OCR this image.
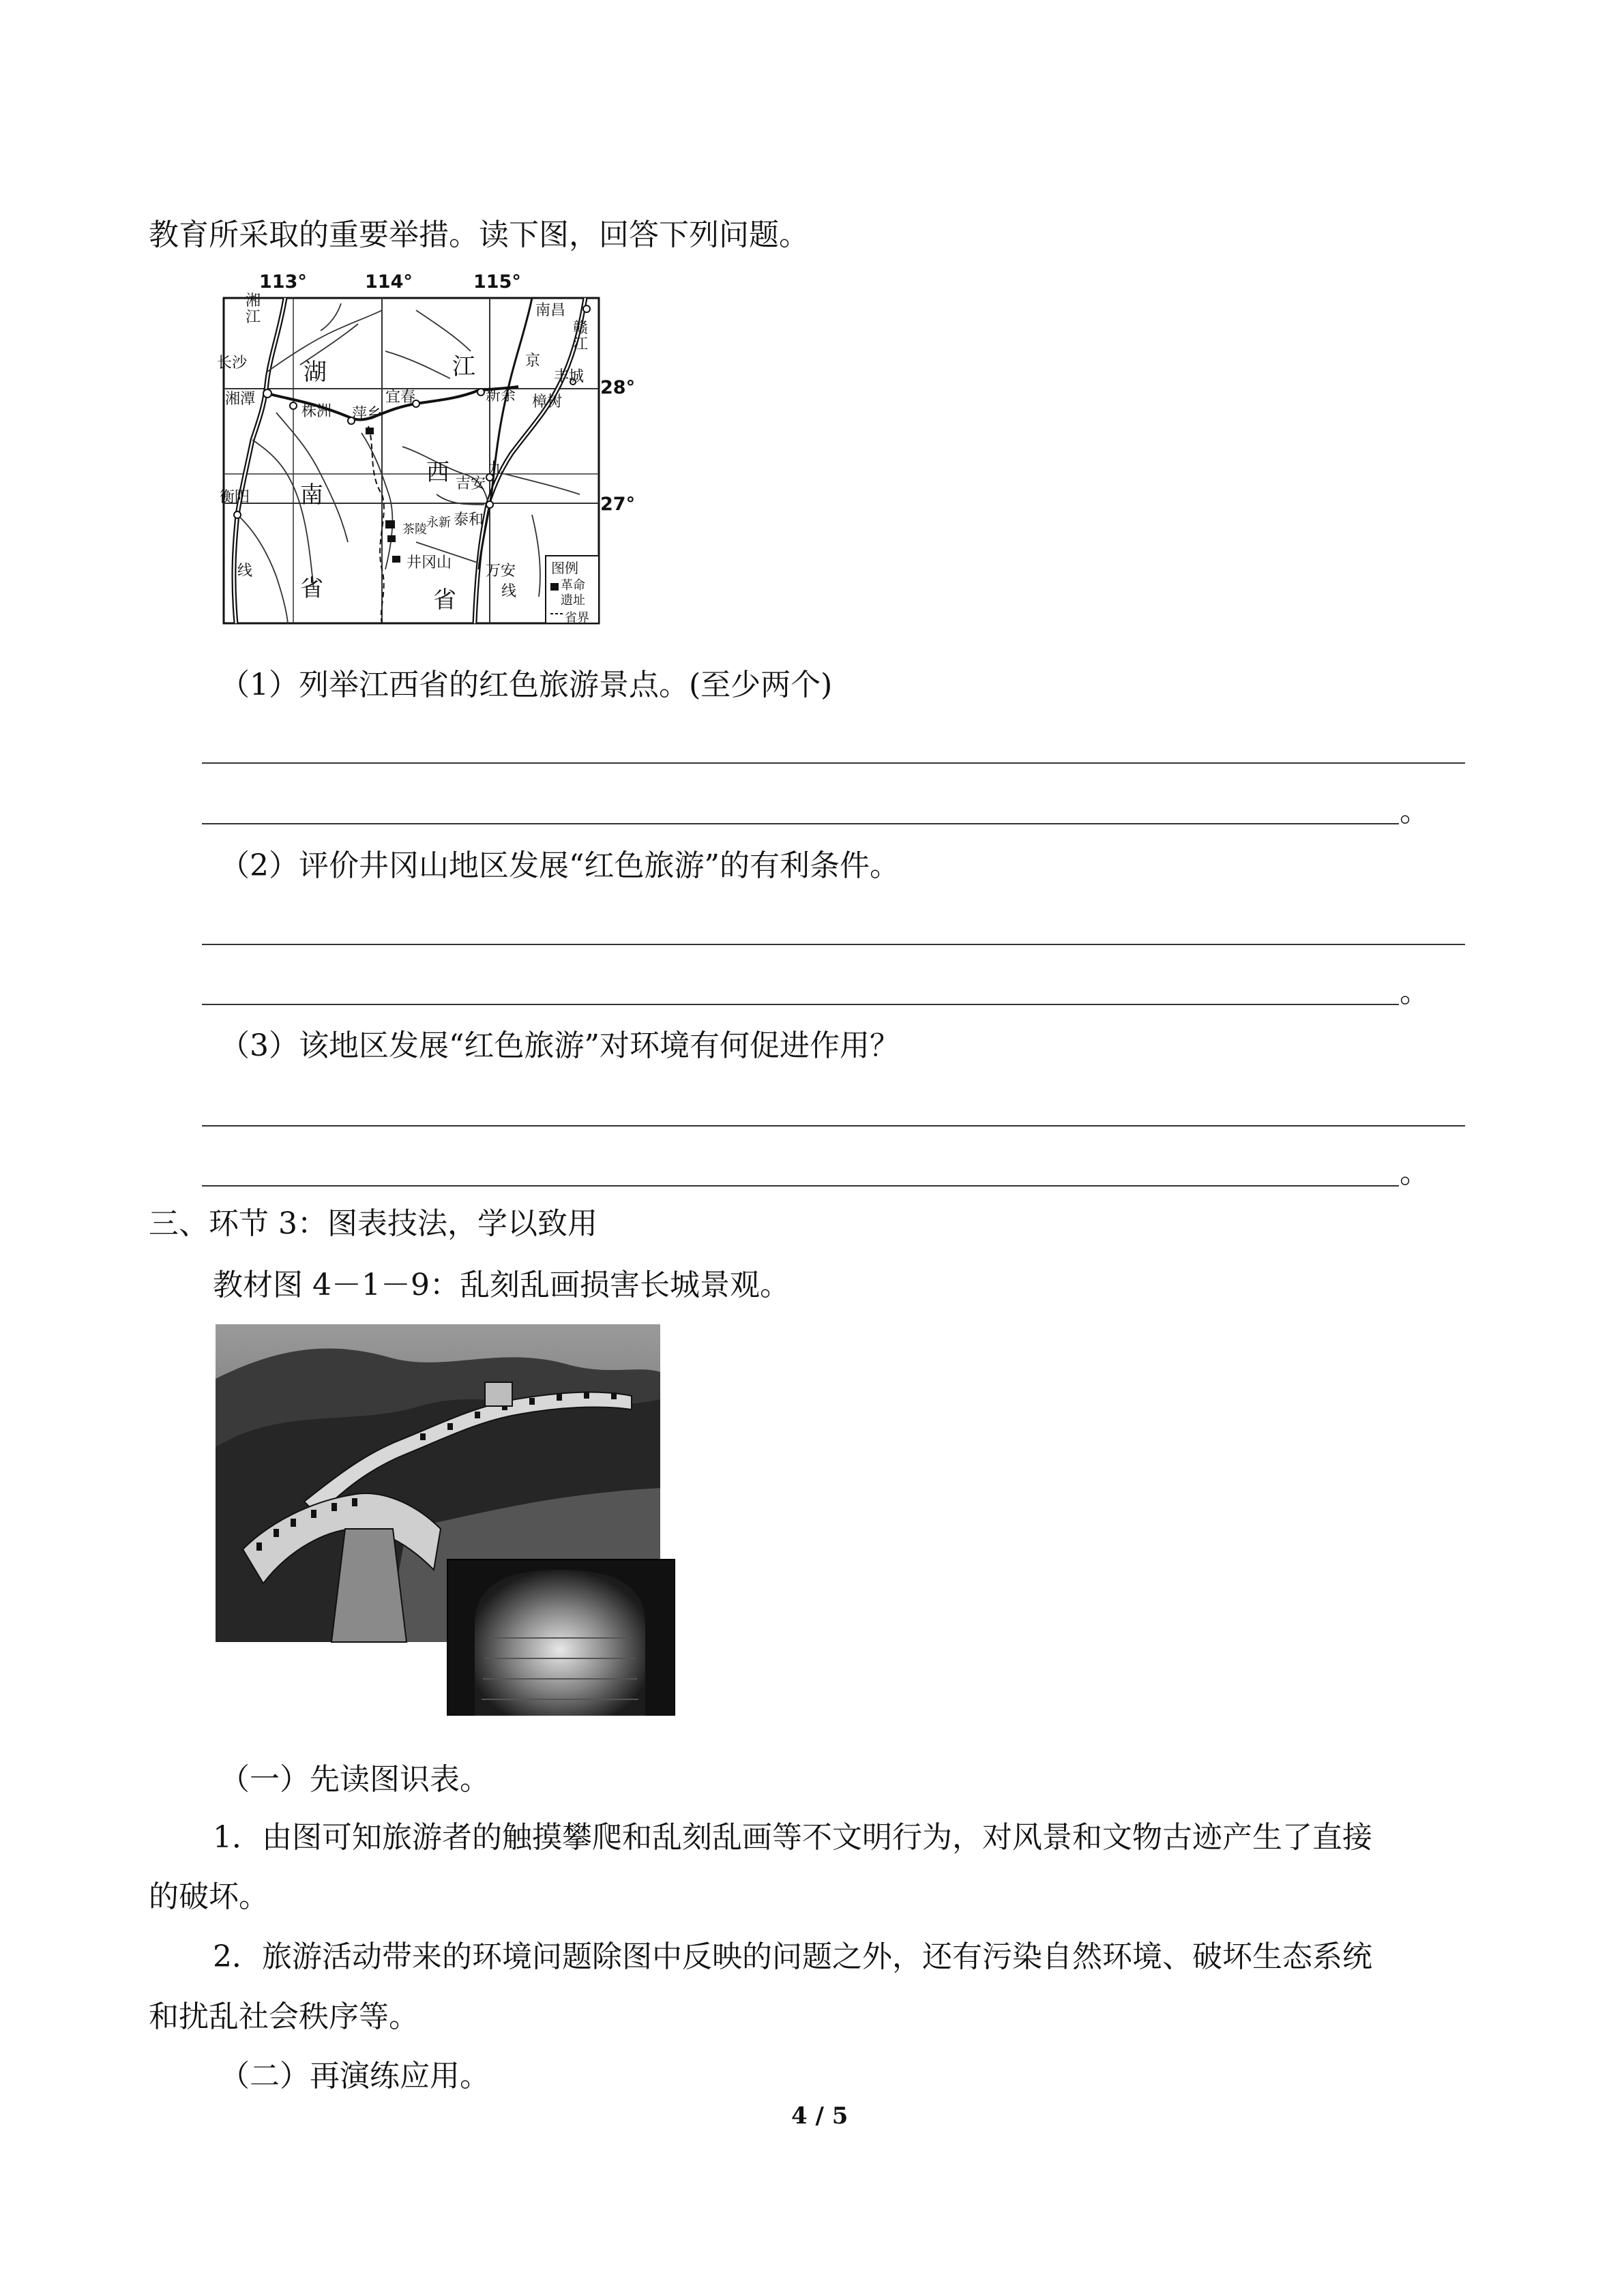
教育所采取的重要举措。读下图，回答下列问题。
113°	114°	115°
28°
27°
湘江
长沙
湘潭
株洲 萍乡
宜春	新余 樟树
南昌
赣江
丰城
京
九
吉安
泰和
衡阳
井冈山 万安
线
线
茶陵 永新
湖
南
省
江
西
省
图例
革命遗址
省界
（1）列举江西省的红色旅游景点。(至少两个)
。
（2）评价井冈山地区发展“红色旅游”的有利条件。
。
（3）该地区发展“红色旅游”对环境有何促进作用？
。
三、环节 3：图表技法，学以致用
教材图 4－1－9：乱刻乱画损害长城景观。
（一）先读图识表。
1．由图可知旅游者的触摸攀爬和乱刻乱画等不文明行为，对风景和文物古迹产生了直接
的破坏。
2．旅游活动带来的环境问题除图中反映的问题之外，还有污染自然环境、破坏生态系统
和扰乱社会秩序等。
（二）再演练应用。
4 / 5
